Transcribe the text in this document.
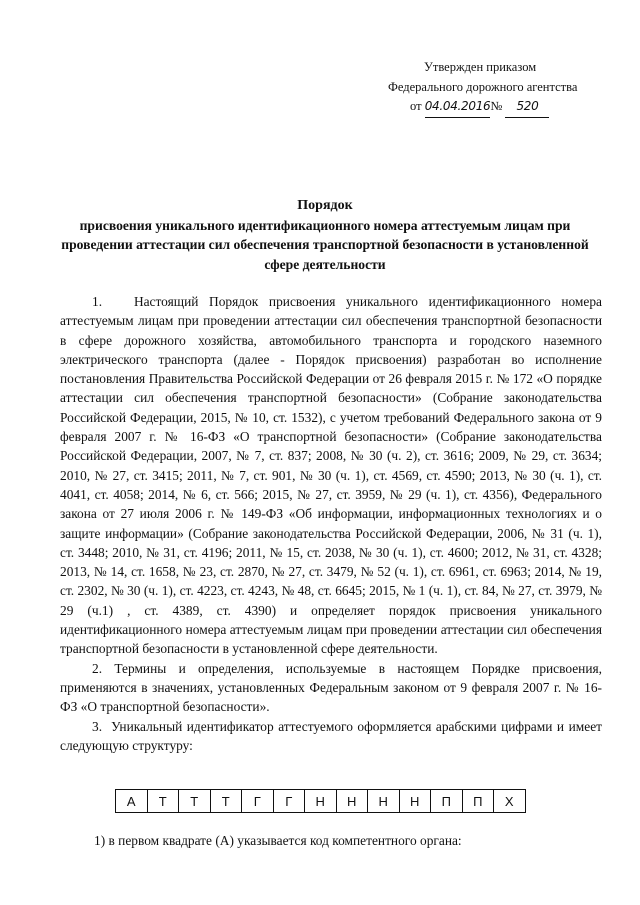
Утвержден приказом
Федерального дорожного агентства
от 04.04.2016№ 520
Порядок
присвоения уникального идентификационного номера аттестуемым лицам при проведении аттестации сил обеспечения транспортной безопасности в установленной сфере деятельности

1.   Настоящий Порядок присвоения уникального идентификационного номера аттестуемым лицам при проведении аттестации сил обеспечения транспортной безопасности в сфере дорожного хозяйства, автомобильного транспорта и городского наземного электрического транспорта (далее - Порядок присвоения) разработан во исполнение постановления Правительства Российской Федерации от 26 февраля 2015 г. № 172 «О порядке аттестации сил обеспечения транспортной безопасности» (Собрание законодательства Российской Федерации, 2015, № 10, ст. 1532), с учетом требований Федерального закона от 9 февраля 2007 г. № 16-ФЗ «О транспортной безопасности» (Собрание законодательства Российской Федерации, 2007, № 7, ст. 837; 2008, № 30 (ч. 2), ст. 3616; 2009, № 29, ст. 3634; 2010, № 27, ст. 3415; 2011, № 7, ст. 901, № 30 (ч. 1), ст. 4569, ст. 4590; 2013, № 30 (ч. 1), ст. 4041, ст. 4058; 2014, № 6, ст. 566; 2015, № 27, ст. 3959, № 29 (ч. 1), ст. 4356), Федерального закона от 27 июля 2006 г. № 149-ФЗ «Об информации, информационных технологиях и о защите информации» (Собрание законодательства Российской Федерации, 2006, № 31 (ч. 1), ст. 3448; 2010, № 31, ст. 4196; 2011, № 15, ст. 2038, № 30 (ч. 1), ст. 4600; 2012, № 31, ст. 4328; 2013, № 14, ст. 1658, № 23, ст. 2870, № 27, ст. 3479, № 52 (ч. 1), ст. 6961, ст. 6963; 2014, № 19, ст. 2302, № 30 (ч. 1), ст. 4223, ст. 4243, № 48, ст. 6645; 2015, № 1 (ч. 1), ст. 84, № 27, ст. 3979, № 29 (ч.1) , ст. 4389, ст. 4390) и определяет порядок присвоения уникального идентификационного номера аттестуемым лицам при проведении аттестации сил обеспечения транспортной безопасности в установленной сфере деятельности.

2. Термины и определения, используемые в настоящем Порядке присвоения, применяются в значениях, установленных Федеральным законом от 9 февраля 2007 г. № 16-ФЗ «О транспортной безопасности».

3.  Уникальный идентификатор аттестуемого оформляется арабскими цифрами и имеет следующую структуру:

А	Т	Т	Т	Г	Г	Н	Н	Н	Н	П	П	Х
1) в первом квадрате (А) указывается код компетентного органа:
